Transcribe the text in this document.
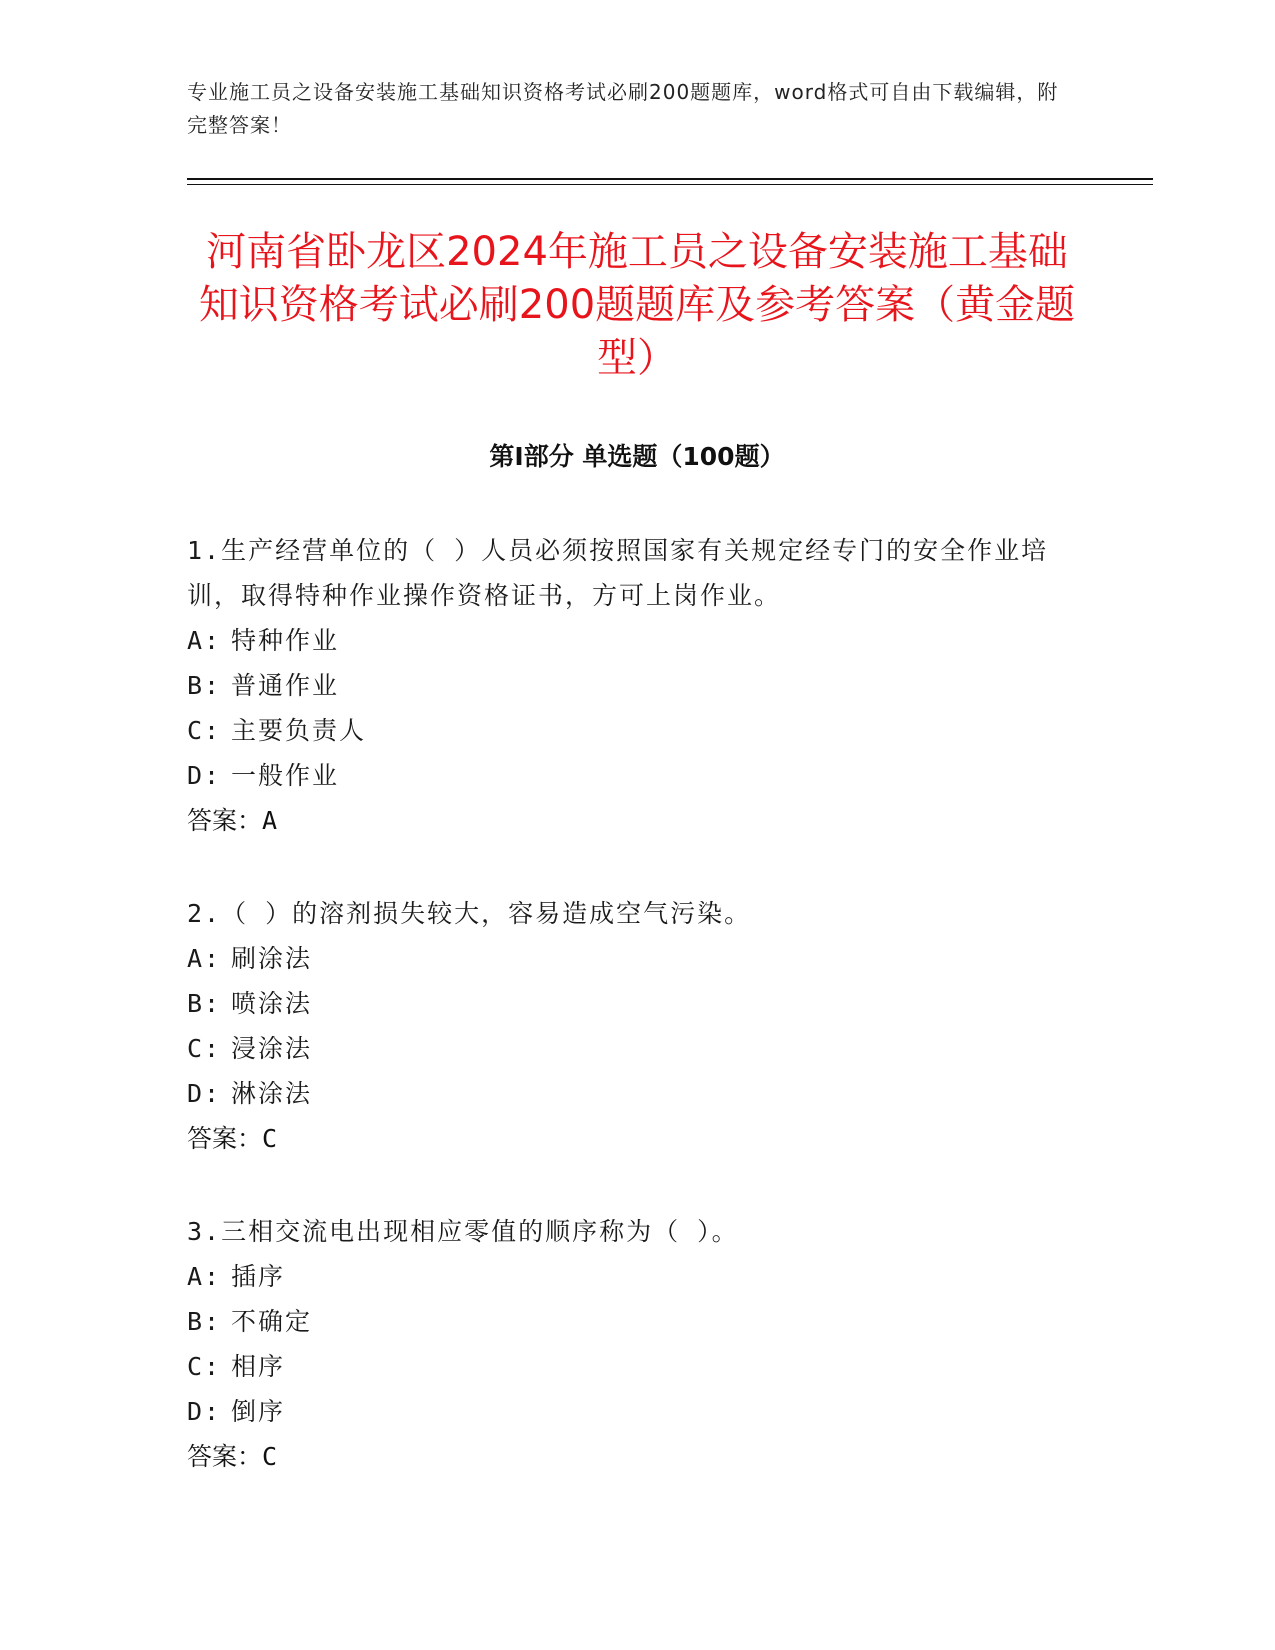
专业施工员之设备安装施工基础知识资格考试必刷200题题库，word格式可自由下载编辑，附完整答案！
河南省卧龙区2024年施工员之设备安装施工基础知识资格考试必刷200题题库及参考答案（黄金题型）
第Ⅰ部分 单选题（100题）

1.生产经营单位的（ ）人员必须按照国家有关规定经专门的安全作业培训，取得特种作业操作资格证书，方可上岗作业。

A: 特种作业
B: 普通作业
C: 主要负责人
D: 一般作业
答案：A

2.（ ）的溶剂损失较大，容易造成空气污染。

A: 刷涂法
B: 喷涂法
C: 浸涂法
D: 淋涂法
答案：C

3.三相交流电出现相应零值的顺序称为（ ）。

A: 插序
B: 不确定
C: 相序
D: 倒序
答案：C
